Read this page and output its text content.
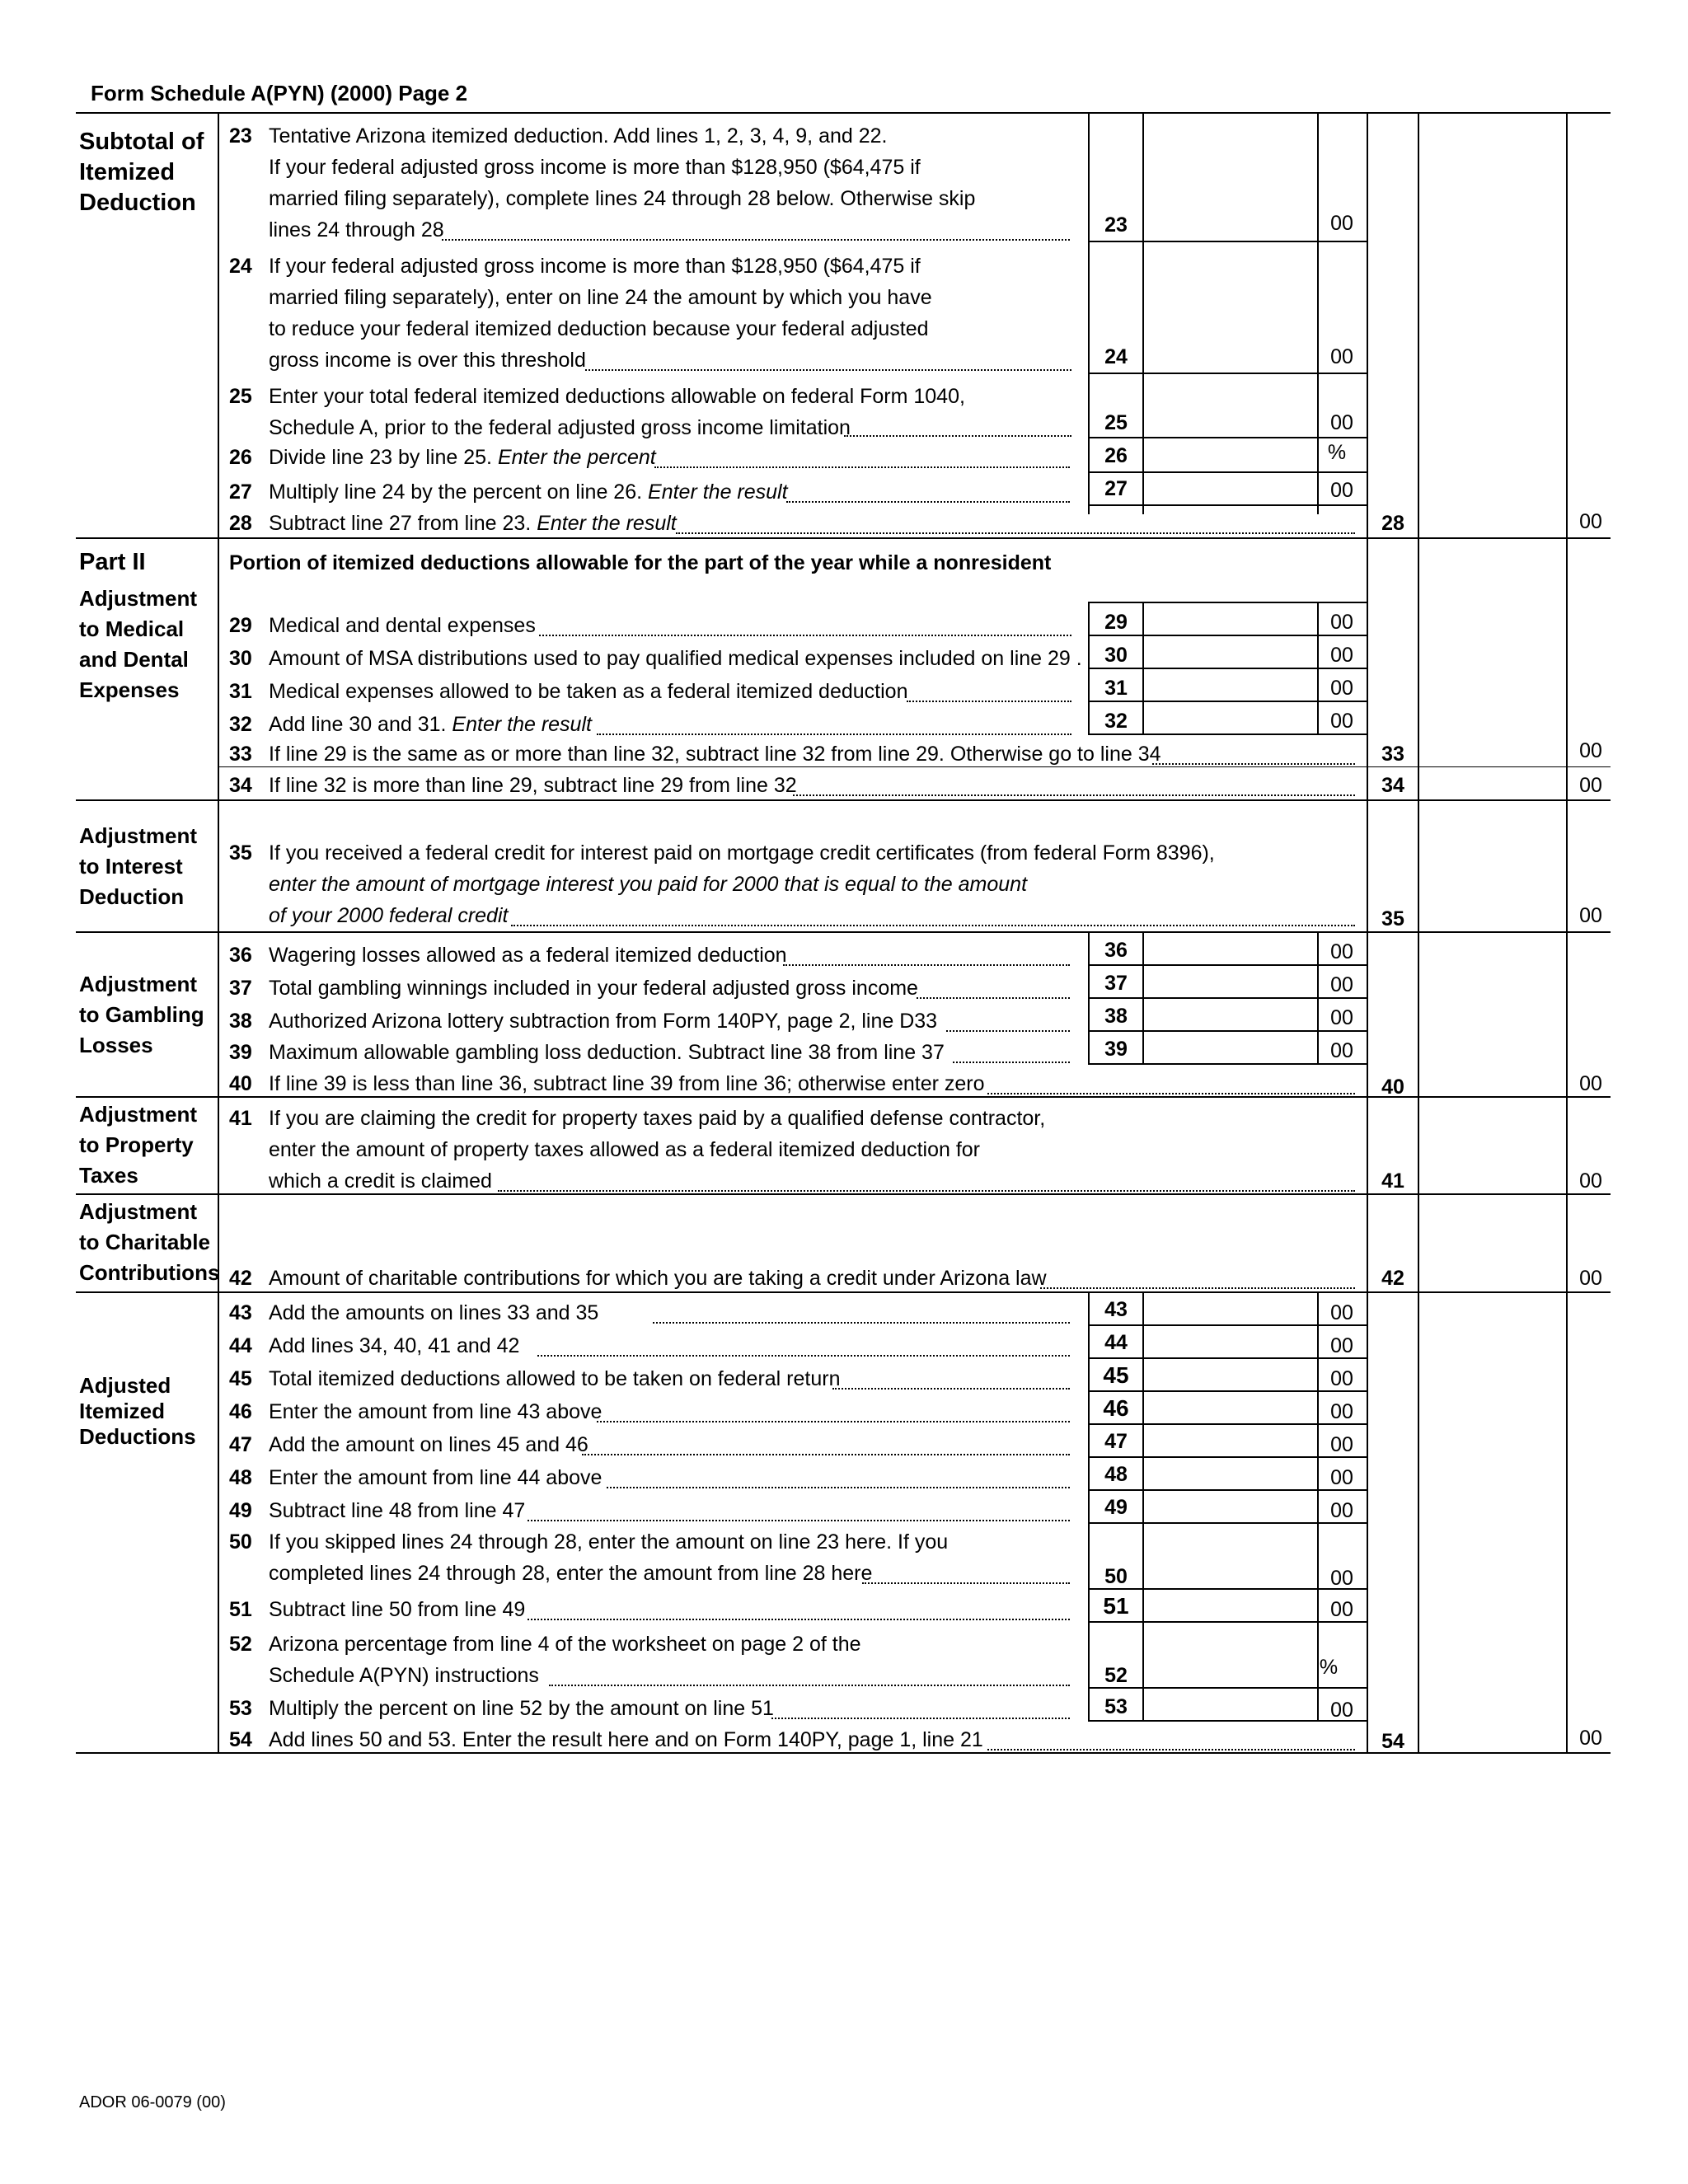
Form Schedule A(PYN) (2000) Page 2
Subtotal of Itemized Deduction
Part II
Adjustment to Medical and Dental Expenses
Adjustment to Interest Deduction
Adjustment to Gambling Losses
Adjustment to Property Taxes
Adjustment to Charitable Contributions
Adjusted Itemized Deductions
23 Tentative Arizona itemized deduction. Add lines 1, 2, 3, 4, 9, and 22.
If your federal adjusted gross income is more than $128,950 ($64,475 if
married filing separately), complete lines 24 through 28 below. Otherwise skip
lines 24 through 28	23	00
24 If your federal adjusted gross income is more than $128,950 ($64,475 if
married filing separately), enter on line 24 the amount by which you have
to reduce your federal itemized deduction because your federal adjusted
gross income is over this threshold	24	00
25 Enter your total federal itemized deductions allowable on federal Form 1040,
Schedule A, prior to the federal adjusted gross income limitation	25	00
26 Divide line 23 by line 25. Enter the percent	26	%
27 Multiply line 24 by the percent on line 26. Enter the result	27	00
28 Subtract line 27 from line 23. Enter the result	28	00
Portion of itemized deductions allowable for the part of the year while a nonresident
29 Medical and dental expenses	29	00
30 Amount of MSA distributions used to pay qualified medical expenses included on line 29 .	30	00
31 Medical expenses allowed to be taken as a federal itemized deduction	31	00
32 Add line 30 and 31. Enter the result	32	00
33 If line 29 is the same as or more than line 32, subtract line 32 from line 29. Otherwise go to line 34	33	00
34 If line 32 is more than line 29, subtract line 29 from line 32	34	00
35 If you received a federal credit for interest paid on mortgage credit certificates (from federal Form 8396),
enter the amount of mortgage interest you paid for 2000 that is equal to the amount
of your 2000 federal credit	35	00
36 Wagering losses allowed as a federal itemized deduction	36	00
37 Total gambling winnings included in your federal adjusted gross income	37	00
38 Authorized Arizona lottery subtraction from Form 140PY, page 2, line D33	38	00
39 Maximum allowable gambling loss deduction. Subtract line 38 from line 37	39	00
40 If line 39 is less than line 36, subtract line 39 from line 36; otherwise enter zero	40	00
41 If you are claiming the credit for property taxes paid by a qualified defense contractor,
enter the amount of property taxes allowed as a federal itemized deduction for
which a credit is claimed	41	00
42 Amount of charitable contributions for which you are taking a credit under Arizona law	42	00
43 Add the amounts on lines 33 and 35	43	00
44 Add lines 34, 40, 41 and 42	44	00
45 Total itemized deductions allowed to be taken on federal return	45	00
46 Enter the amount from line 43 above	46	00
47 Add the amount on lines 45 and 46	47	00
48 Enter the amount from line 44 above	48	00
49 Subtract line 48 from line 47	49	00
50 If you skipped lines 24 through 28, enter the amount on line 23 here. If you
completed lines 24 through 28, enter the amount from line 28 here	50	00
51 Subtract line 50 from line 49	51	00
52 Arizona percentage from line 4 of the worksheet on page 2 of the
Schedule A(PYN) instructions	52	%
53 Multiply the percent on line 52 by the amount on line 51	53	00
54 Add lines 50 and 53. Enter the result here and on Form 140PY, page 1, line 21	54	00
ADOR 06-0079 (00)
